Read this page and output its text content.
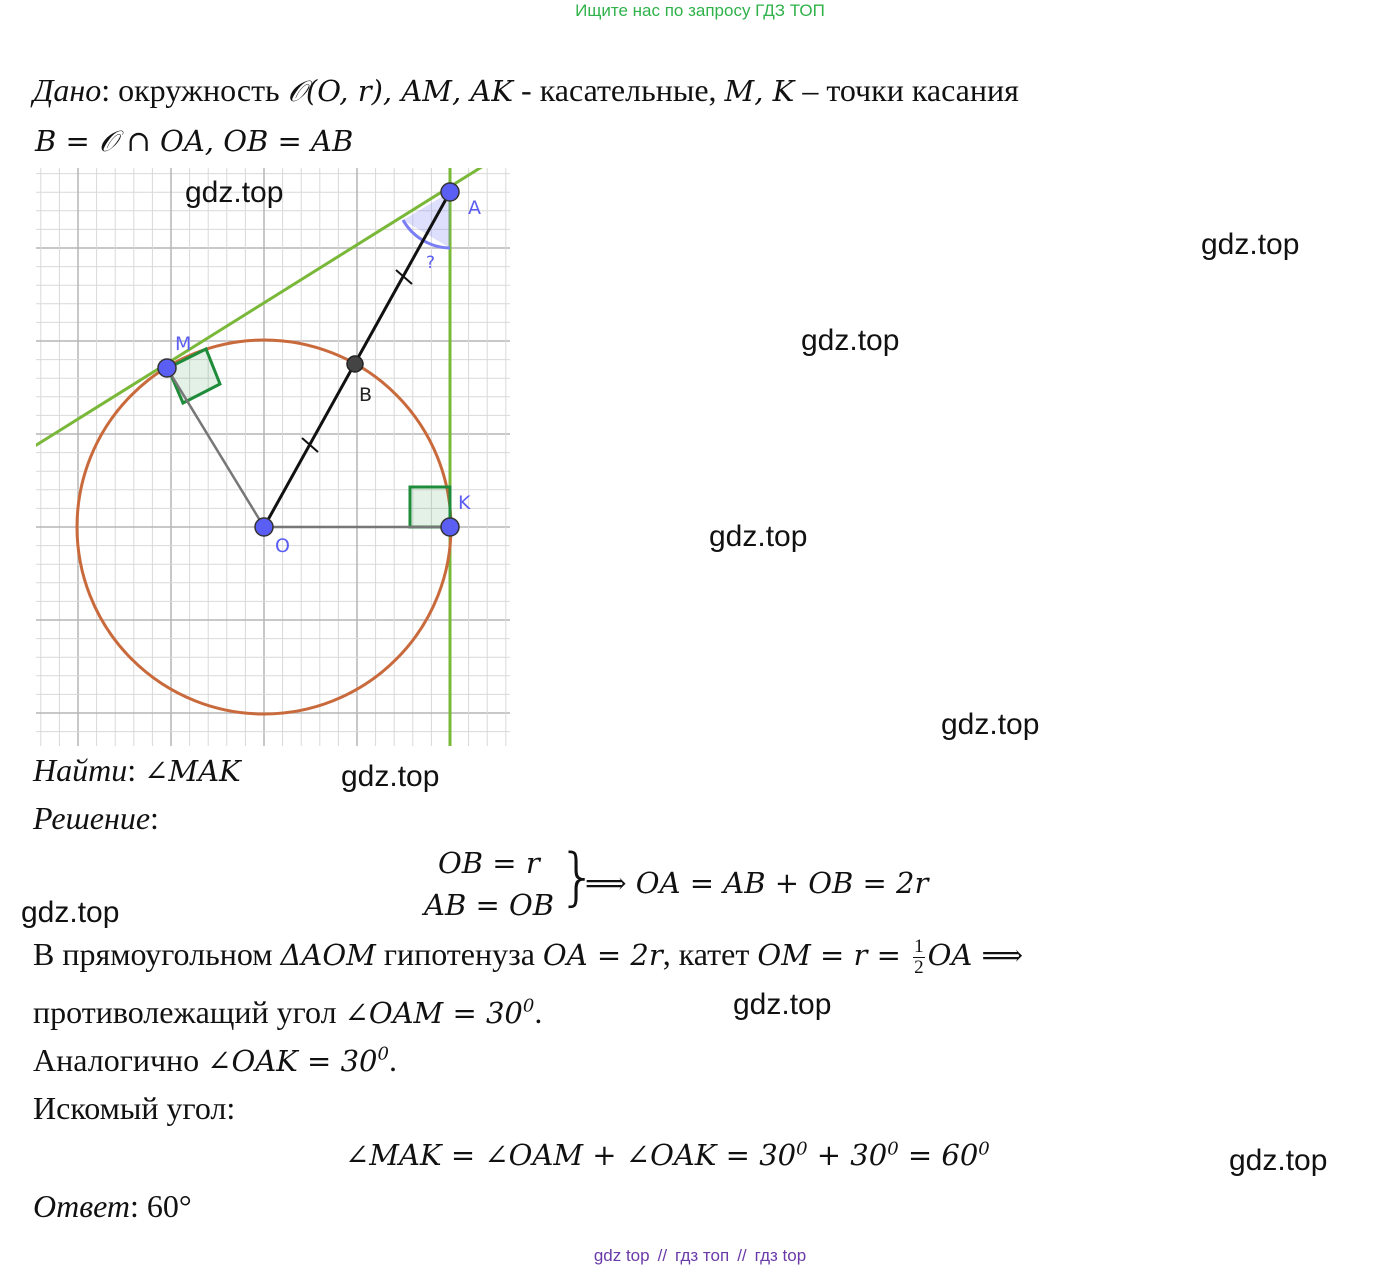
Ищите нас по запросу ГДЗ ТОП
Дано: окружность 𝒪(O, r), AM, AK - касательные, M, K – точки касания
B = 𝒪 ∩ OA, OB = AB
A
M
B
O
K
?
gdz.top
gdz.top
gdz.top
gdz.top
gdz.top
gdz.top
gdz.top
gdz.top
gdz.top
Найти: ∠MAK
Решение:
OB = r
AB = OB }
⟹ OA = AB + OB = 2r
В прямоугольном ΔAOM гипотенуза OA = 2r, катет OM = $r = \frac{1}{2}$ OA ⟹
противолежащий угол ∠OAM = $30^0$.
Аналогично ∠OAK = $30^0$.
Искомый угол:
∠MAK = ∠OAM + ∠OAK = $30^0 + 30^0 = 60^0$
Ответ: 60°
gdz top // гдз топ // гдз top
